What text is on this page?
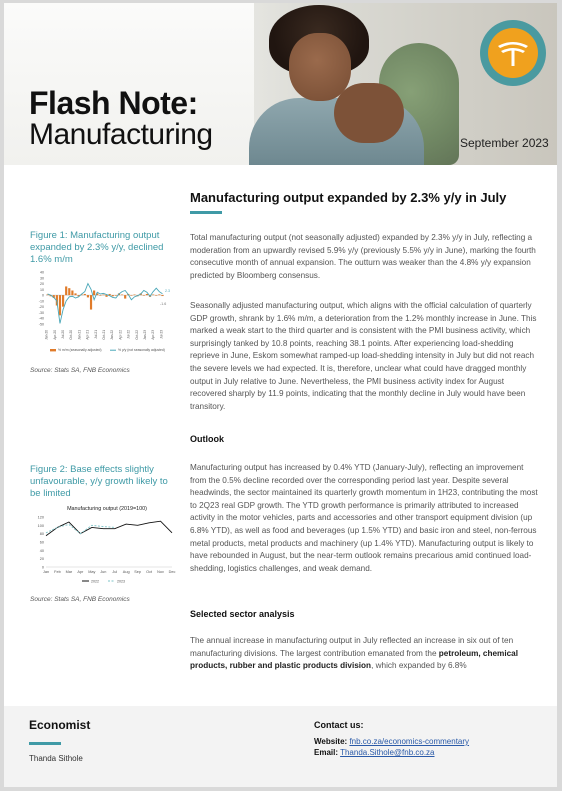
Flash Note:
Manufacturing	September 2023
Figure 1: Manufacturing output expanded by 2.3% y/y, declined 1.6% m/m
40
30
20
10
0
-10
-20
-30
-40
-50
Jan-20 Apr-20 Jul-20 Oct-20 Jan-21 Apr-21 Jul-21 Oct-21 Jan-22 Apr-22 Jul-22 Oct-22 Jan-23 Apr-23 Jul-23
2.3
-1.6
% m/m (seasonally adjusted)	% y/y (not seasonally adjusted)
Source: Stats SA, FNB Economics
Figure 2: Base effects slightly unfavourable, y/y growth likely to be limited
Manufacturing output (2019=100)
120
100
80
60
40
20
0
Jan Feb Mar Apr May Jun Jul Aug Sep Oct Nov Dec
2022	2023
Source: Stats SA, FNB Economics
Manufacturing output expanded by 2.3% y/y in July
Total manufacturing output (not seasonally adjusted) expanded by 2.3% y/y in July, reflecting a moderation from an upwardly revised 5.9% y/y (previously 5.5% y/y in June), marking the fourth consecutive month of annual expansion. The outturn was weaker than the 4.8% y/y expansion predicted by Bloomberg consensus.
Seasonally adjusted manufacturing output, which aligns with the official calculation of quarterly GDP growth, shrank by 1.6% m/m, a deterioration from the 1.2% monthly increase in June. This marked a weak start to the third quarter and is consistent with the PMI business activity, which surprisingly tanked by 10.8 points, reaching 38.1 points. After experiencing load-shedding reprieve in June, Eskom somewhat ramped-up load-shedding intensity in July but did not reach the severe levels we had expected. It is, therefore, unclear what could have dragged monthly output in July relative to June. Nevertheless, the PMI business activity index for August recovered sharply by 11.9 points, indicating that the monthly decline in July would have been transitory.
Outlook
Manufacturing output has increased by 0.4% YTD (January-July), reflecting an improvement from the 0.5% decline recorded over the corresponding period last year. Despite several headwinds, the sector maintained its quarterly growth momentum in 1H23, contributing the most to 2Q23 real GDP growth. The YTD growth performance is primarily attributed to increased activity in the motor vehicles, parts and accessories and other transport equipment division (up 6.8% YTD), as well as food and beverages (up 1.5% YTD) and basic iron and steel, non-ferrous metal products, metal products and machinery (up 1.4% YTD). Manufacturing output is likely to have rebounded in August, but the near-term outlook remains precarious amid continued load-shedding, logistics challenges, and weak demand.
Selected sector analysis
The annual increase in manufacturing output in July reflected an increase in six out of ten manufacturing divisions. The largest contribution emanated from the petroleum, chemical products, rubber and plastic products division, which expanded by 6.8%
Economist
Thanda Sithole
Contact us:
Website: fnb.co.za/economics-commentary
Email: Thanda.Sithole@fnb.co.za
